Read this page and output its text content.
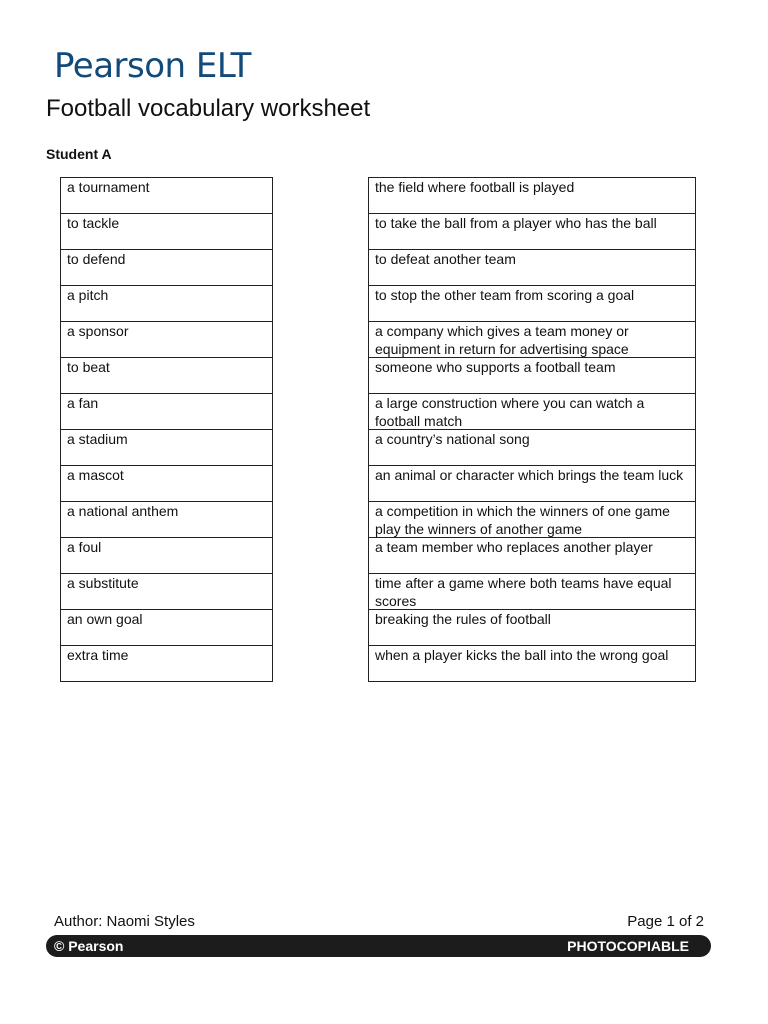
Pearson ELT
Football vocabulary worksheet
Student A
a tournament
to tackle
to defend
a pitch
a sponsor
to beat
a fan
a stadium
a mascot
a national anthem
a foul
a substitute
an own goal
extra time
the field where football is played
to take the ball from a player who has the ball
to defeat another team
to stop the other team from scoring a goal
a company which gives a team money or equipment in return for advertising space
someone who supports a football team
a large construction where you can watch a football match
a country’s national song
an animal or character which brings the team luck
a competition in which the winners of one game play the winners of another game
a team member who replaces another player
time after a game where both teams have equal scores
breaking the rules of football
when a player kicks the ball into the wrong goal
Author: Naomi Styles	Page 1 of 2
© Pearson	PHOTOCOPIABLE
